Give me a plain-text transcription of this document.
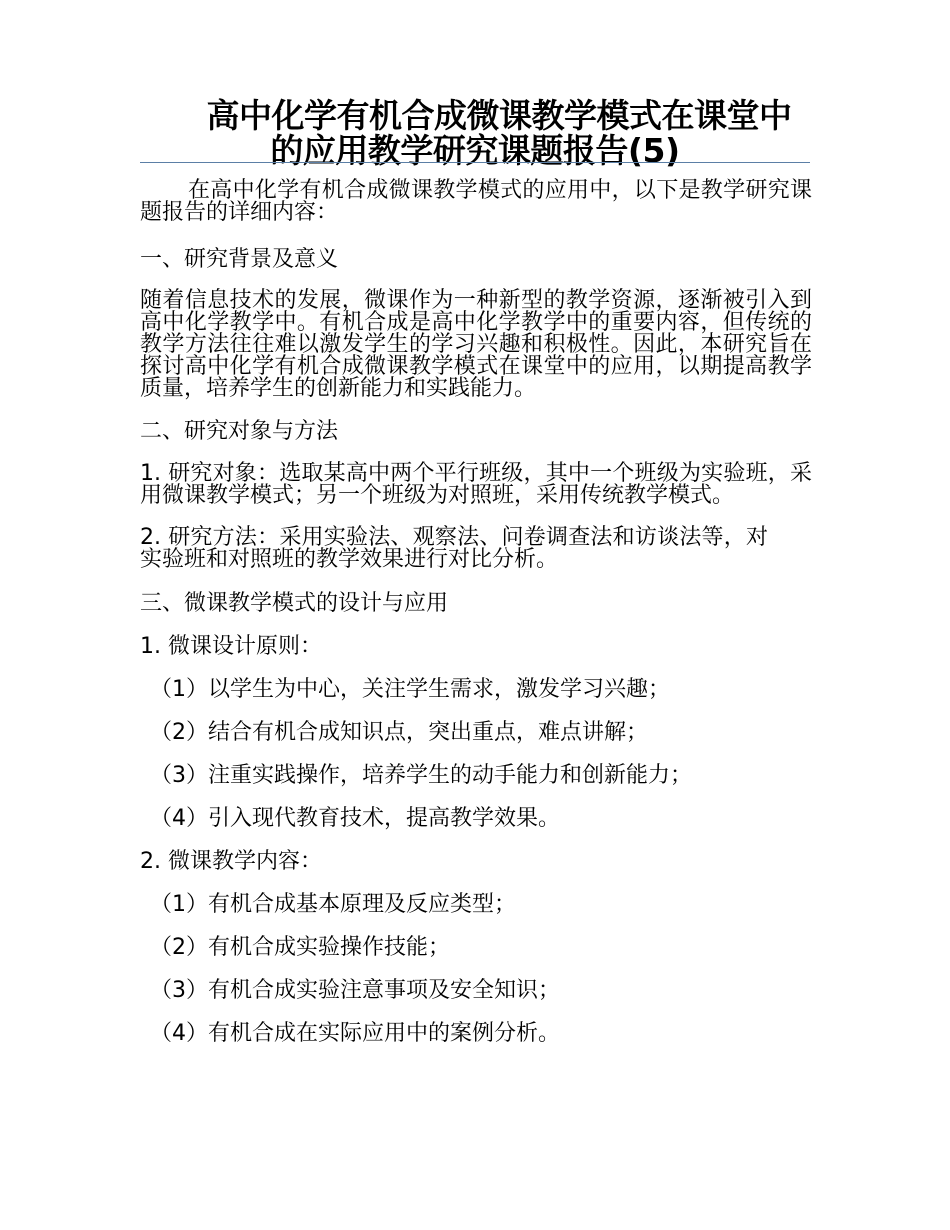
高中化学有机合成微课教学模式在课堂中
的应用教学研究课题报告(5)

在高中化学有机合成微课教学模式的应用中，以下是教学研究课题报告的详细内容：

一、研究背景及意义

随着信息技术的发展，微课作为一种新型的教学资源，逐渐被引入到高中化学教学中。有机合成是高中化学教学中的重要内容，但传统的教学方法往往难以激发学生的学习兴趣和积极性。因此，本研究旨在探讨高中化学有机合成微课教学模式在课堂中的应用，以期提高教学质量，培养学生的创新能力和实践能力。

二、研究对象与方法

1. 研究对象：选取某高中两个平行班级，其中一个班级为实验班，采用微课教学模式；另一个班级为对照班，采用传统教学模式。

2. 研究方法：采用实验法、观察法、问卷调查法和访谈法等，对实验班和对照班的教学效果进行对比分析。

三、微课教学模式的设计与应用

1. 微课设计原则：

（1）以学生为中心，关注学生需求，激发学习兴趣；

（2）结合有机合成知识点，突出重点，难点讲解；

（3）注重实践操作，培养学生的动手能力和创新能力；

（4）引入现代教育技术，提高教学效果。

2. 微课教学内容：

（1）有机合成基本原理及反应类型；

（2）有机合成实验操作技能；

（3）有机合成实验注意事项及安全知识；

（4）有机合成在实际应用中的案例分析。
